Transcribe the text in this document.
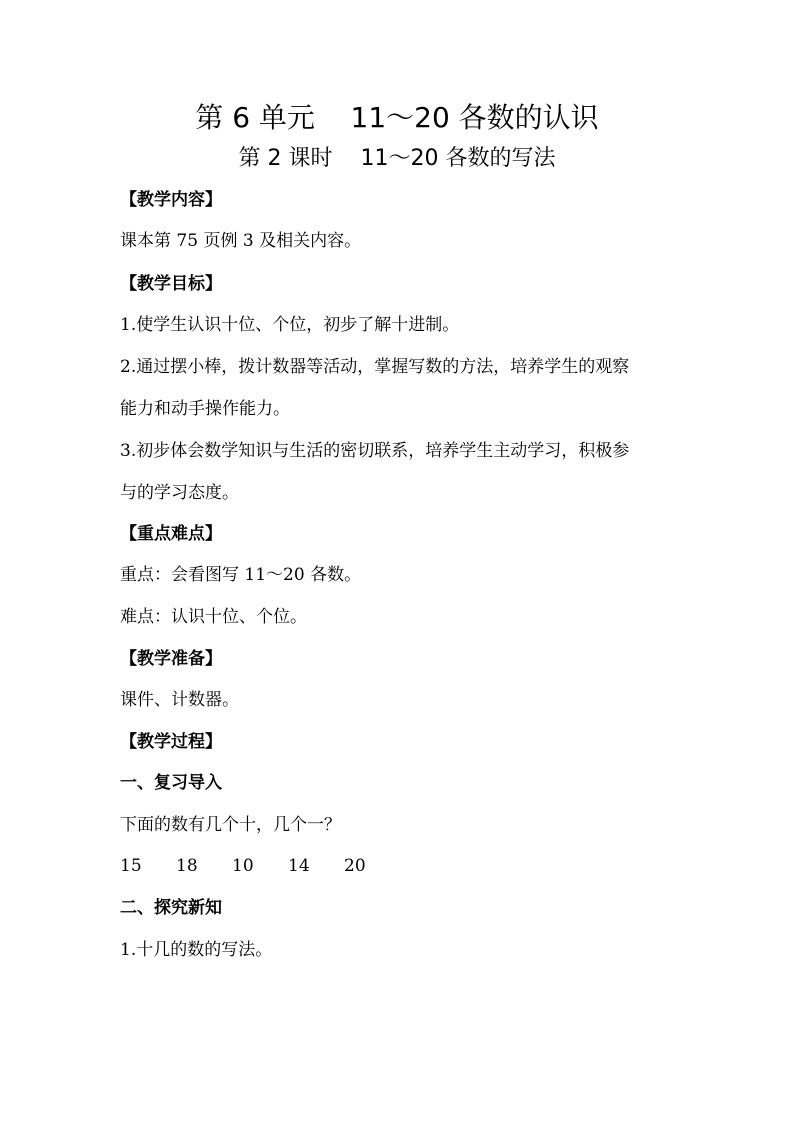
第 6 单元    11～20 各数的认识
第 2 课时    11～20 各数的写法
【教学内容】
课本第 75 页例 3 及相关内容。
【教学目标】
1.使学生认识十位、个位，初步了解十进制。
2.通过摆小棒，拨计数器等活动，掌握写数的方法，培养学生的观察
能力和动手操作能力。
3.初步体会数学知识与生活的密切联系，培养学生主动学习，积极参
与的学习态度。
【重点难点】
重点：会看图写 11～20 各数。
难点：认识十位、个位。
【教学准备】
课件、计数器。
【教学过程】
一、复习导入
下面的数有几个十，几个一？
15 18 10 14 20
二、探究新知
1.十几的数的写法。
